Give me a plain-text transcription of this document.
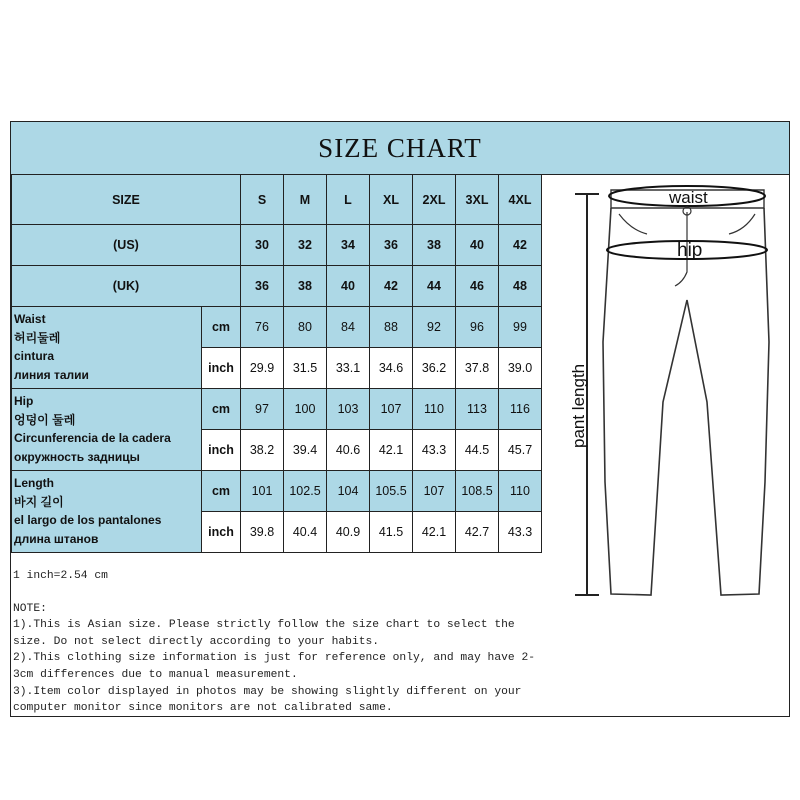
SIZE CHART
SIZE		S	M	L	XL	2XL	3XL	4XL
(US)		30	32	34	36	38	40	42
(UK)		36	38	40	42	44	46	48

Waist
허리둘레
cintura
линия талии	cm	76	80	84	88	92	96	99
	inch	29.9	31.5	33.1	34.6	36.2	37.8	39.0

Hip
엉덩이 둘레
Circunferencia de la cadera
окружность задницы	cm	97	100	103	107	110	113	116
	inch	38.2	39.4	40.6	42.1	43.3	44.5	45.7

Length
바지 길이
el largo de los pantalones
длина штанов	cm	101	102.5	104	105.5	107	108.5	110
	inch	39.8	40.4	40.9	41.5	42.1	42.7	43.3
1 inch=2.54 cm
NOTE:
1).This is Asian size. Please strictly follow the size chart to select the
size. Do not select directly according to your habits.
2).This clothing size information is just for reference only, and may have 2-
3cm differences due to manual measurement.
3).Item color displayed in photos may be showing slightly different on your
computer monitor since monitors are not calibrated same.
pant length
waist
hip
